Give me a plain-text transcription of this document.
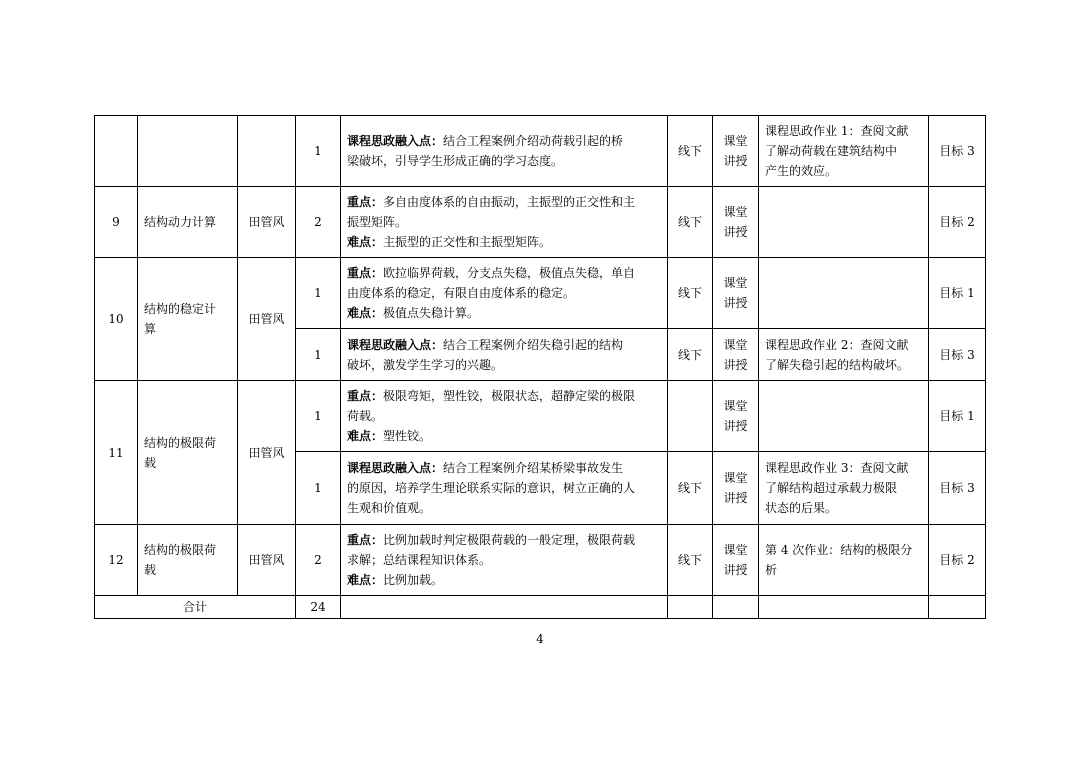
			1	课程思政融入点：结合工程案例介绍动荷载引起的桥
梁破坏，引导学生形成正确的学习态度。	线下	课堂
讲授	课程思政作业 1：查阅文献
了解动荷载在建筑结构中
产生的效应。	目标 3
9	结构动力计算	田管风	2	重点：多自由度体系的自由振动，主振型的正交性和主
振型矩阵。
难点：主振型的正交性和主振型矩阵。	线下	课堂
讲授		目标 2
10	结构的稳定计
算	田管风	1	重点：欧拉临界荷载，分支点失稳，极值点失稳，单自
由度体系的稳定，有限自由度体系的稳定。
难点：极值点失稳计算。	线下	课堂
讲授		目标 1
			1	课程思政融入点：结合工程案例介绍失稳引起的结构
破坏，激发学生学习的兴趣。	线下	课堂
讲授	课程思政作业 2：查阅文献
了解失稳引起的结构破坏。	目标 3
11	结构的极限荷
载	田管风	1	重点：极限弯矩，塑性铰，极限状态，超静定梁的极限
荷载。
难点：塑性铰。		课堂
讲授		目标 1
			1	课程思政融入点：结合工程案例介绍某桥梁事故发生
的原因，培养学生理论联系实际的意识，树立正确的人
生观和价值观。	线下	课堂
讲授	课程思政作业 3：查阅文献
了解结构超过承载力极限
状态的后果。	目标 3
12	结构的极限荷
载	田管风	2	重点：比例加载时判定极限荷载的一般定理，极限荷载
求解；总结课程知识体系。
难点：比例加载。	线下	课堂
讲授	第 4 次作业：结构的极限分
析	目标 2
合计			24					
4
